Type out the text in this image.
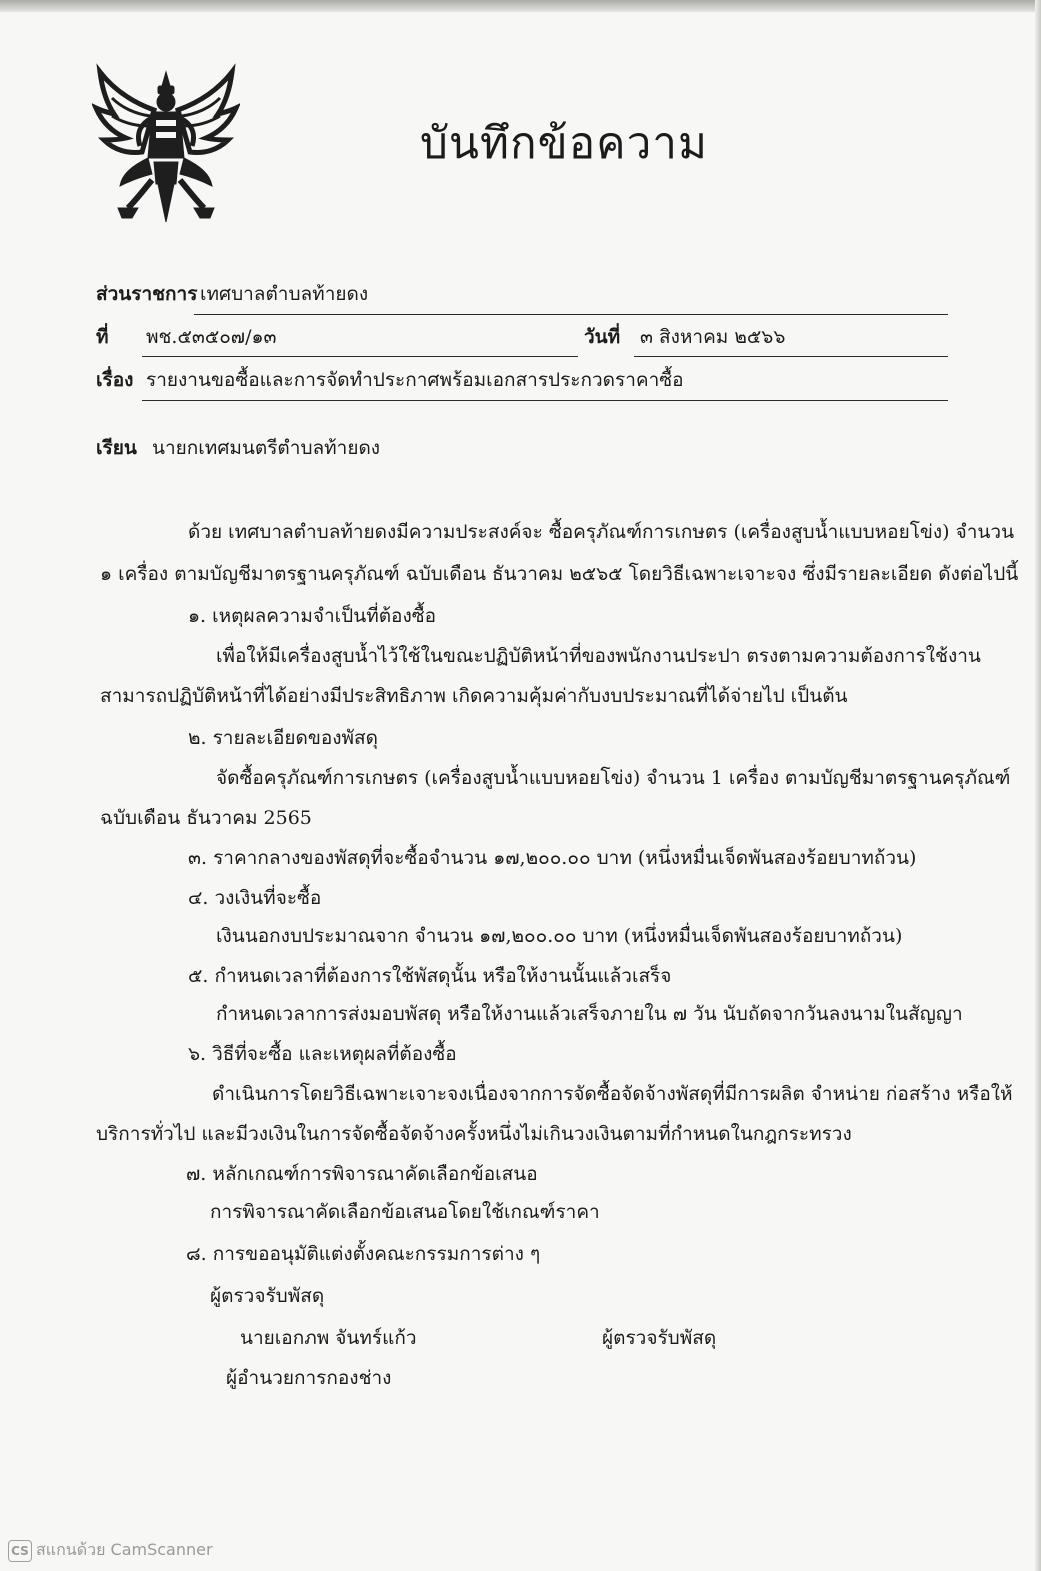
บันทึกข้อความ
ส่วนราชการ เทศบาลตำบลท้ายดง
ที่ พช.๕๓๕๐๗/๑๓	วันที่ ๓ สิงหาคม ๒๕๖๖
เรื่อง รายงานขอซื้อและการจัดทำประกาศพร้อมเอกสารประกวดราคาซื้อ
เรียน นายกเทศมนตรีตำบลท้ายดง
ด้วย เทศบาลตำบลท้ายดงมีความประสงค์จะ ซื้อครุภัณฑ์การเกษตร (เครื่องสูบน้ำแบบหอยโข่ง) จำนวน
๑ เครื่อง ตามบัญชีมาตรฐานครุภัณฑ์ ฉบับเดือน ธันวาคม ๒๕๖๕ โดยวิธีเฉพาะเจาะจง ซึ่งมีรายละเอียด ดังต่อไปนี้
๑. เหตุผลความจำเป็นที่ต้องซื้อ
เพื่อให้มีเครื่องสูบน้ำไว้ใช้ในขณะปฏิบัติหน้าที่ของพนักงานประปา ตรงตามความต้องการใช้งาน
สามารถปฏิบัติหน้าที่ได้อย่างมีประสิทธิภาพ เกิดความคุ้มค่ากับงบประมาณที่ได้จ่ายไป เป็นต้น
๒. รายละเอียดของพัสดุ
จัดซื้อครุภัณฑ์การเกษตร (เครื่องสูบน้ำแบบหอยโข่ง) จำนวน 1 เครื่อง ตามบัญชีมาตรฐานครุภัณฑ์
ฉบับเดือน ธันวาคม 2565
๓. ราคากลางของพัสดุที่จะซื้อจำนวน ๑๗,๒๐๐.๐๐ บาท (หนึ่งหมื่นเจ็ดพันสองร้อยบาทถ้วน)
๔. วงเงินที่จะซื้อ
เงินนอกงบประมาณจาก จำนวน ๑๗,๒๐๐.๐๐ บาท (หนึ่งหมื่นเจ็ดพันสองร้อยบาทถ้วน)
๕. กำหนดเวลาที่ต้องการใช้พัสดุนั้น หรือให้งานนั้นแล้วเสร็จ
กำหนดเวลาการส่งมอบพัสดุ หรือให้งานแล้วเสร็จภายใน ๗ วัน นับถัดจากวันลงนามในสัญญา
๖. วิธีที่จะซื้อ และเหตุผลที่ต้องซื้อ
ดำเนินการโดยวิธีเฉพาะเจาะจงเนื่องจากการจัดซื้อจัดจ้างพัสดุที่มีการผลิต จำหน่าย ก่อสร้าง หรือให้
บริการทั่วไป และมีวงเงินในการจัดซื้อจัดจ้างครั้งหนึ่งไม่เกินวงเงินตามที่กำหนดในกฎกระทรวง
๗. หลักเกณฑ์การพิจารณาคัดเลือกข้อเสนอ
การพิจารณาคัดเลือกข้อเสนอโดยใช้เกณฑ์ราคา
๘. การขออนุมัติแต่งตั้งคณะกรรมการต่าง ๆ
ผู้ตรวจรับพัสดุ
นายเอกภพ จันทร์แก้ว	ผู้ตรวจรับพัสดุ
ผู้อำนวยการกองช่าง
CS สแกนด้วย CamScanner
